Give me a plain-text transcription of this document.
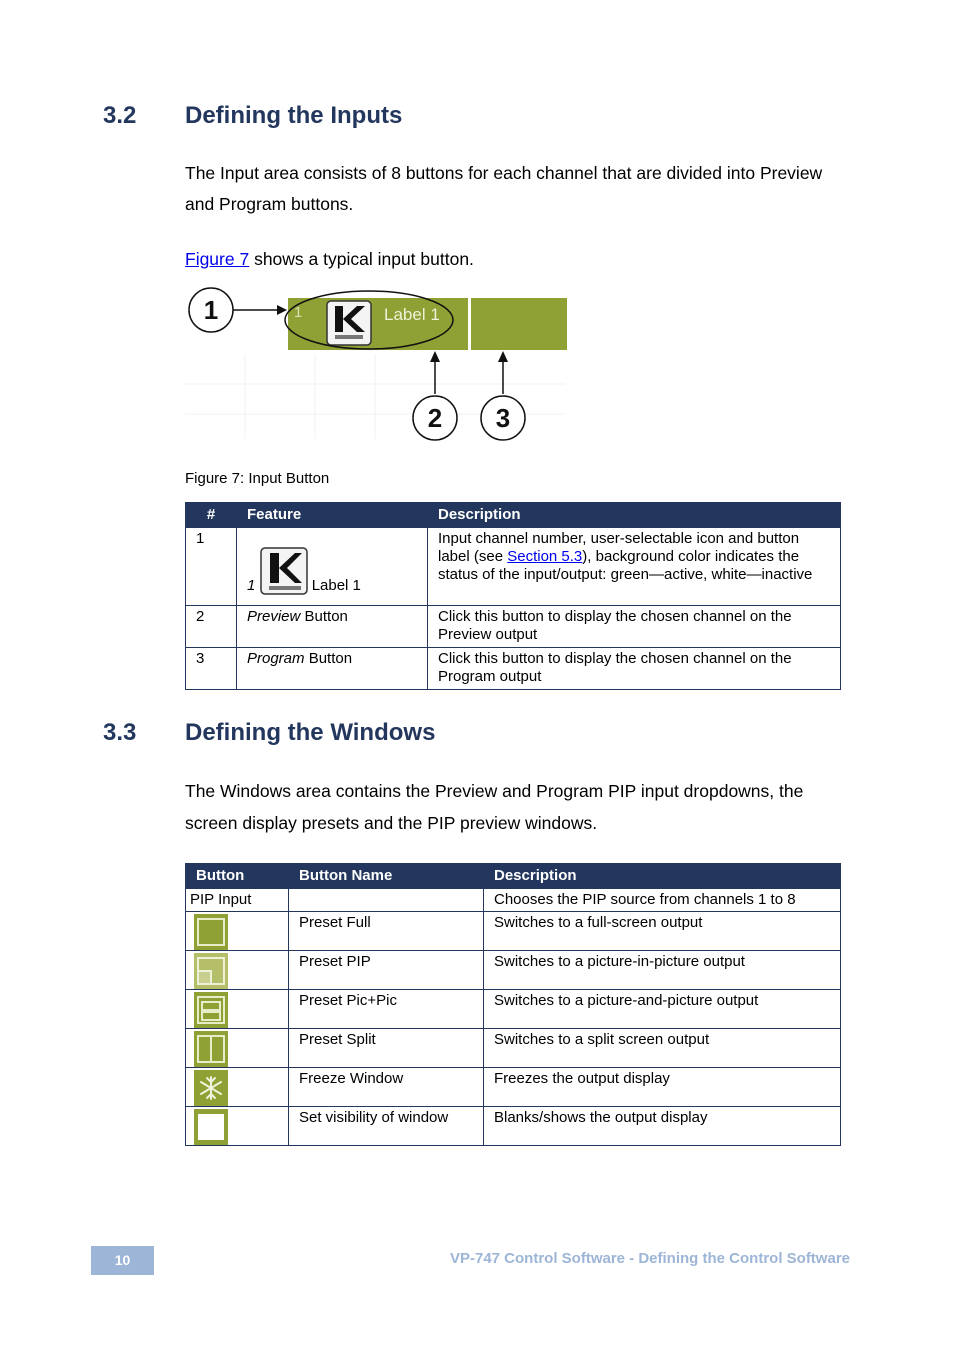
3.2 Defining the Inputs
The Input area consists of 8 buttons for each channel that are divided into Preview and Program buttons.
Figure 7 shows a typical input button.
1	Label 1
1
2 3
Figure 7: Input Button
#	Feature	Description
1	1 Label 1	Input channel number, user-selectable icon and button label (see Section 5.3), background color indicates the status of the input/output: green—active, white—inactive
2	Preview Button	Click this button to display the chosen channel on the Preview output
3	Program Button	Click this button to display the chosen channel on the Program output
3.3 Defining the Windows
The Windows area contains the Preview and Program PIP input dropdowns, the screen display presets and the PIP preview windows.
Button	Button Name	Description
PIP Input		Chooses the PIP source from channels 1 to 8
	Preset Full	Switches to a full-screen output
	Preset PIP	Switches to a picture-in-picture output
	Preset Pic+Pic	Switches to a picture-and-picture output
	Preset Split	Switches to a split screen output
	Freeze Window	Freezes the output display
	Set visibility of window	Blanks/shows the output display
10	VP-747 Control Software - Defining the Control Software
